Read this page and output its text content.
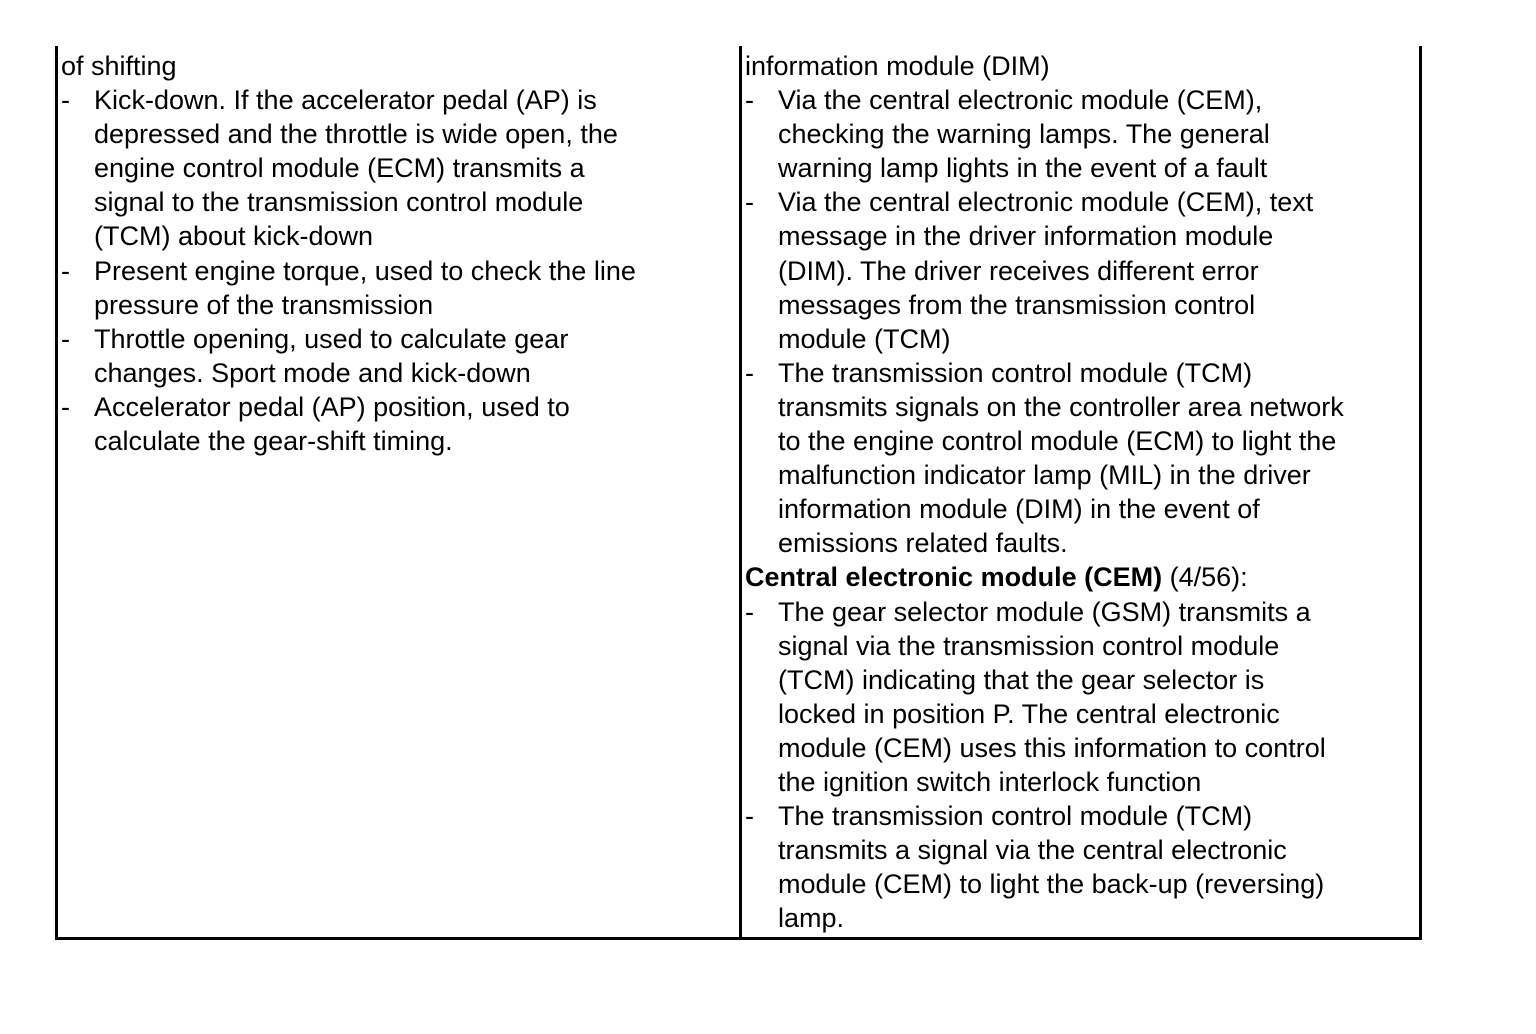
of shifting
- Kick-down. If the accelerator pedal (AP) is
depressed and the throttle is wide open, the
engine control module (ECM) transmits a
signal to the transmission control module
(TCM) about kick-down
- Present engine torque, used to check the line
pressure of the transmission
- Throttle opening, used to calculate gear
changes. Sport mode and kick-down
- Accelerator pedal (AP) position, used to
calculate the gear-shift timing.
information module (DIM)
- Via the central electronic module (CEM),
checking the warning lamps. The general
warning lamp lights in the event of a fault
- Via the central electronic module (CEM), text
message in the driver information module
(DIM). The driver receives different error
messages from the transmission control
module (TCM)
- The transmission control module (TCM)
transmits signals on the controller area network
to the engine control module (ECM) to light the
malfunction indicator lamp (MIL) in the driver
information module (DIM) in the event of
emissions related faults.
Central electronic module (CEM) (4/56):
- The gear selector module (GSM) transmits a
signal via the transmission control module
(TCM) indicating that the gear selector is
locked in position P. The central electronic
module (CEM) uses this information to control
the ignition switch interlock function
- The transmission control module (TCM)
transmits a signal via the central electronic
module (CEM) to light the back-up (reversing)
lamp.
